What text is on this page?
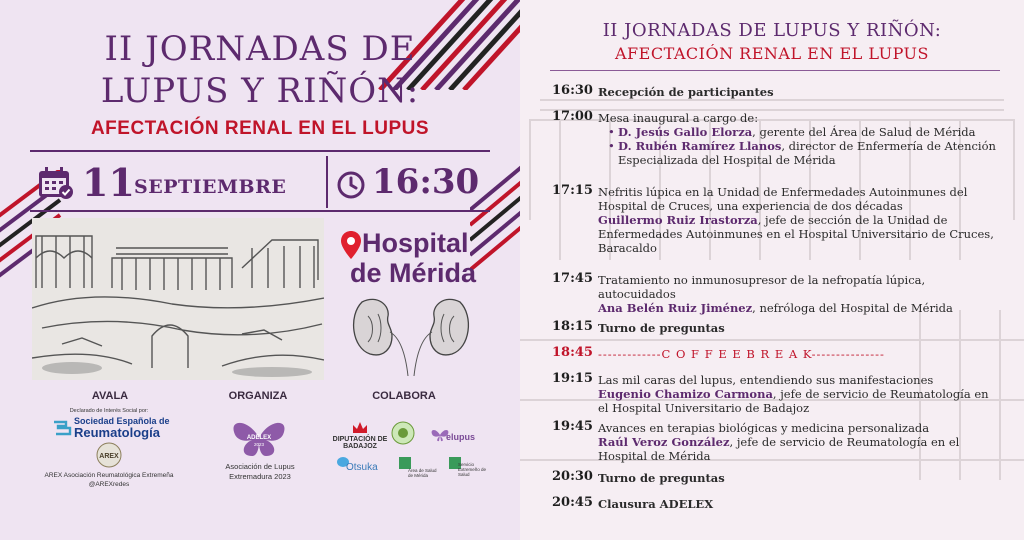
II JORNADAS DE
LUPUS Y RIÑÓN:
AFECTACIÓN RENAL EN EL LUPUS
11 SEPTIEMBRE	16:30
Hospital
de Mérida
AVALA
Declarado de Interés Social por:
Sociedad Española de
Reumatología
AREX
AREX Asociación Reumatológica Extremeña
@AREXredes
ORGANIZA
ADELEX
2023
Asociación de Lupus
Extremadura 2023
COLABORA
DIPUTACIÓN DE BADAJOZ
elupus
Otsuka	Área de Salud de Mérida
Servicio Extremeño de Salud
II JORNADAS DE LUPUS Y RIÑÓN:
AFECTACIÓN RENAL EN EL LUPUS
16:30 Recepción de participantes
17:00 Mesa inaugural a cargo de:
• D. Jesús Gallo Elorza, gerente del Área de Salud de Mérida
• D. Rubén Ramírez Llanos, director de Enfermería de Atención Especializada del Hospital de Mérida
17:15 Nefritis lúpica en la Unidad de Enfermedades Autoinmunes del Hospital de Cruces, una experiencia de dos décadas
Guillermo Ruiz Irastorza, jefe de sección de la Unidad de Enfermedades Autoinmunes en el Hospital Universitario de Cruces, Baracaldo
17:45 Tratamiento no inmunosupresor de la nefropatía lúpica, autocuidados
Ana Belén Ruiz Jiménez, nefróloga del Hospital de Mérida
18:15 Turno de preguntas
18:45 -------------C O F F E E B R E A K---------------
19:15 Las mil caras del lupus, entendiendo sus manifestaciones
Eugenio Chamizo Carmona, jefe de servicio de Reumatología en el Hospital Universitario de Badajoz
19:45 Avances en terapias biológicas y medicina personalizada
Raúl Veroz González, jefe de servicio de Reumatología en el Hospital de Mérida
20:30 Turno de preguntas
20:45 Clausura ADELEX
